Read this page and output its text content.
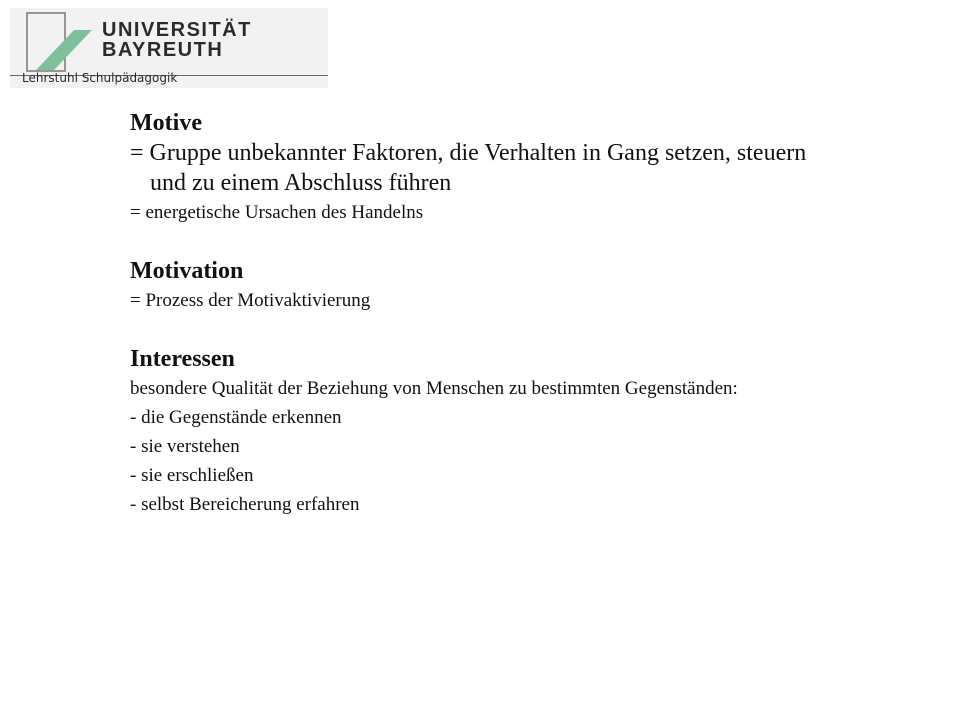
UNIVERSITÄT
BAYREUTH
Lehrstuhl Schulpädagogik
Motive
= Gruppe unbekannter Faktoren, die Verhalten in Gang setzen, steuern
und zu einem Abschluss führen
= energetische Ursachen des Handelns
Motivation
= Prozess der Motivaktivierung
Interessen
besondere Qualität der Beziehung von Menschen zu bestimmten Gegenständen:
- die Gegenstände erkennen
- sie verstehen
- sie erschließen
- selbst Bereicherung erfahren
